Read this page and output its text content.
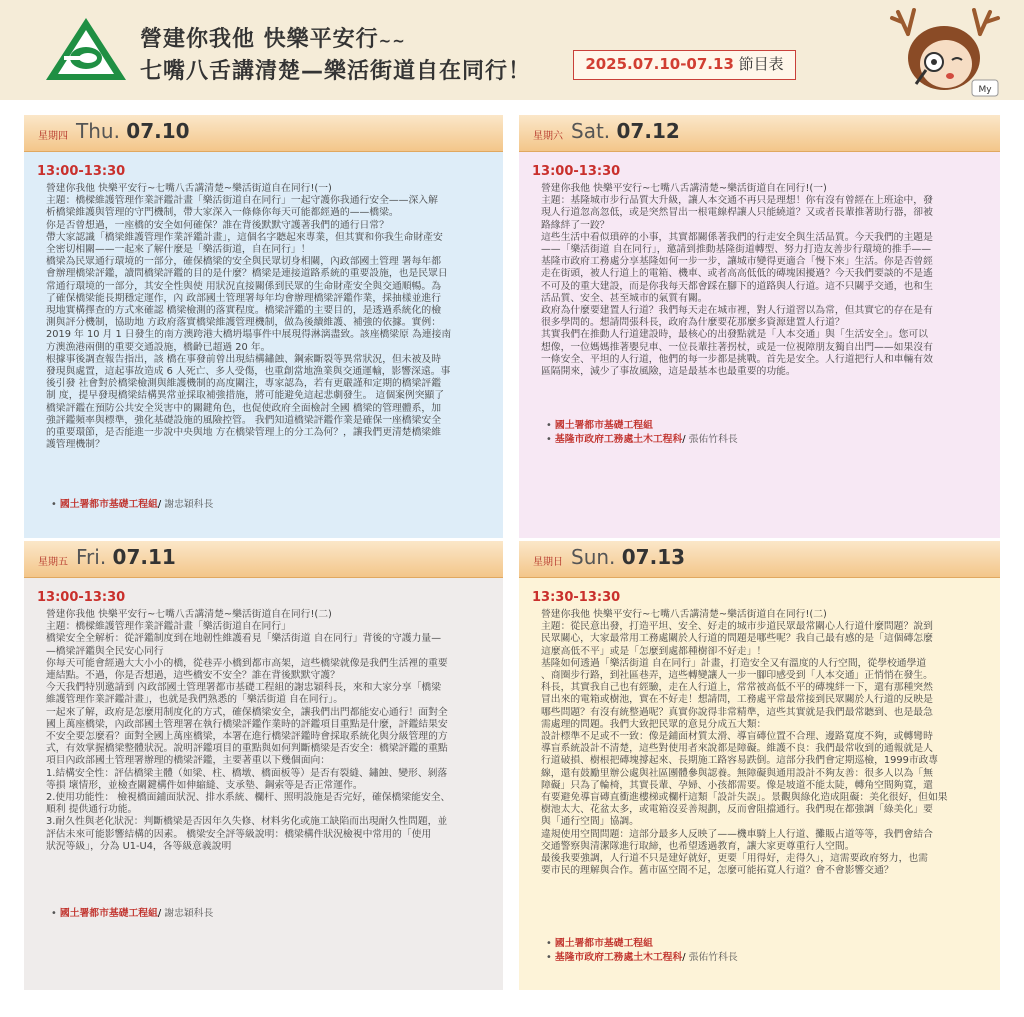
營建你我他 快樂平安行~~
七嘴八舌講清楚—樂活街道自在同行！	2025.07.10-07.13 節目表
My
星期四 Thu. 07.10
13:00-13:30
營建你我他 快樂平安行~七嘴八舌講清楚~樂活街道自在同行!(一)
主題：橋樑維護管理作業評鑑計畫「樂活街道自在同行」一起守護你我通行安全——深入解
析橋梁維護與管理的守門機制，帶大家深入一條條你每天可能都經過的——橋梁。
你是否曾想過，一座橋的安全如何確保？誰在背後默默守護著我們的通行日常？
帶大家認識「橋梁維護管理作業評鑑計畫」，這個名字聽起來專業，但其實和你我生命財產安
全密切相關——一起來了解什麼是「樂活街道，自在同行」！
橋梁為民眾通行環境的一部分，確保橋梁的安全與民眾切身相關，內政部國土管理 署每年都
會辦理橋梁評鑑，讀問橋梁評鑑的目的是什麼？橋梁是連接道路系統的重要設施，也是民眾日
常通行環境的一部分，其安全性與使 用狀況直接關係到民眾的生命財產安全與交通順暢。為
了確保橋梁能長期穩定運作，內 政部國土管理署每年均會辦理橋梁評鑑作業，採抽樣並進行
現地實構擇查的方式來確認 橋梁檢測的落實程度。橋梁評鑑的主要目的，是透過系統化的檢
測與評分機制，協助地 方政府落實橋梁維護管理機制，做為後續維護、補強的依據。實例：
2019 年 10 月 1 日發生的南方澳跨港大橋坍塌事件中展現得淋漓盡致。該座橋梁原 為連接南
方澳漁港兩側的重要交通設施，橋齡已超過 20 年。
根據事後調查報告指出，該 橋在事發前曾出現結構鏽蝕、鋼索斷裂等異常狀況，但未被及時
發現與處置，這起事故造成 6 人死亡、多人受傷，也重創當地漁業與交通運輸，影響深遠。事
後引發 社會對於橋梁檢測與維護機制的高度關注，專家認為，若有更嚴謹和定期的橋梁評鑑
制 度，提早發現橋梁結構異常並採取補強措施，將可能避免這起悲劇發生。 這個案例突顯了
橋梁評鑑在預防公共安全災害中的關鍵角色，也促使政府全面檢討全國 橋梁的管理體系，加
強評鑑頻率與標準，強化基礎設施的風險控管。 我們知道橋梁評鑑作業是確保一座橋梁安全
的重要環節，是否能進一步說中央與地 方在橋梁管理上的分工為何？，讓我們更清楚橋梁維
護管理機制？
• 國土署都市基礎工程組/ 謝忠穎科長
星期六 Sat. 07.12
13:00-13:30
營建你我他 快樂平安行~七嘴八舌講清楚~樂活街道自在同行!(一)
主題：基隆城市步行品質大升級，讓人本交通不再只是理想！你有沒有曾經在上班途中，發
現人行道忽高忽低，或是突然冒出一根電線桿讓人只能繞道？又或者長輩推著助行器，卻被
路緣絆了一跤？
這些生活中看似瑣碎的小事，其實都關係著我們的行走安全與生活品質。今天我們的主題是
——「樂活街道 自在同行」，邀請到推動基隆街道轉型、努力打造友善步行環境的推手——
基隆市政府工務處分享基隆如何一步一步，讓城市變得更適合「慢下來」生活。你是否曾經
走在街頭，被人行道上的電箱、機車、或者高高低低的磚塊困擾過？今天我們要談的不是遙
不可及的重大建設，而是你我每天都會踩在腳下的道路與人行道。這不只關乎交通，也和生
活品質、安全、甚至城市的氣質有關。
政府為什麼要建置人行道？我們每天走在城市裡，對人行道習以為常，但其實它的存在是有
很多學問的。想請問張科長，政府為什麼要花那麼多資源建置人行道？
其實我們在推動人行道建設時，最核心的出發點就是「人本交通」與「生活安全」。您可以
想像，一位媽媽推著嬰兒車、一位長輩拄著拐杖，或是一位視障朋友獨自出門——如果沒有
一條安全、平坦的人行道，他們的每一步都是挑戰。首先是安全。人行道把行人和車輛有效
區隔開來，減少了事故風險，這是最基本也最重要的功能。
• 國土署都市基礎工程組
• 基隆市政府工務處土木工程科/ 張佑竹科長
星期五 Fri. 07.11
13:00-13:30
營建你我他 快樂平安行~七嘴八舌講清楚~樂活街道自在同行!(二)
主題：橋樑維護管理作業評鑑計畫「樂活街道自在同行」
橋梁安全全解析：從評鑑制度到在地韌性維護看見「樂活街道 自在同行」背後的守護力量—
—橋梁評鑑與全民安心同行
你每天可能會經過大大小小的橋，從巷弄小橋到都市高架，這些橋梁就像是我們生活裡的重要
連結點。不過，你是否想過，這些橋安不安全？誰在背後默默守護？
今天我們特別邀請到 內政部國土管理署都市基礎工程組的謝忠穎科長，來和大家分享「橋梁
維護管理作業評鑑計畫」，也就是我們熟悉的「樂活街道 自在同行」。
一起來了解，政府是怎麼用制度化的方式，確保橋梁安全，讓我們出門都能安心通行！面對全
國上萬座橋梁，內政部國土管理署在執行橋梁評鑑作業時的評鑑項目重點是什麼，評鑑結果安
不安全要怎麼看？面對全國上萬座橋梁，本署在進行橋梁評鑑時會採取系統化與分級管理的方
式，有效掌握橋梁整體狀況。說明評鑑項目的重點與如何判斷橋梁是否安全：橋梁評鑑的重點
項目內政部國土管理署辦理的橋梁評鑑，主要著重以下幾個面向：
1.結構安全性：評估橋梁主體（如梁、柱、橋墩、橋面板等）是否有裂縫、鏽蝕、變形、剝落
等損 壞情形，並檢查關鍵構件如伸縮縫、支承墊、鋼索等是否正常運作。
2.使用功能性： 檢視橋面鋪面狀況、排水系統、欄杆、照明設施是否完好，確保橋梁能安全、
順利 提供通行功能。
3.耐久性與老化狀況：判斷橋梁是否因年久失修、材料劣化或施工缺陷而出現耐久性問題，並
評估未來可能影響結構的因素。 橋梁安全評等級說明：橋梁構件狀況檢視中常用的「使用
狀況等級」，分為 U1-U4，各等級意義說明
• 國土署都市基礎工程組/ 謝忠穎科長
星期日 Sun. 07.13
13:30-13:30
營建你我他 快樂平安行~七嘴八舌講清楚~樂活街道自在同行!(二)
主題：從民意出發，打造平坦、安全、好走的城市步道民眾最常關心人行道什麼問題？說到
民眾關心，大家最常用工務處關於人行道的問題是哪些呢？我自己最有感的是「這個磚怎麼
這麼高低不平」或是「怎麼到處都種樹卻不好走」！
基隆如何透過「樂活街道 自在同行」計畫，打造安全又有溫度的人行空間，從學校通學道
、商圈步行路，到社區巷弄，這些轉變讓人一步一腳印感受到「人本交通」正悄悄在發生。
科長，其實我自己也有經驗，走在人行道上，常常被高低不平的磚塊絆一下，還有那種突然
冒出來的電箱或樹池，實在不好走！想請問，工務處平常最常接到民眾關於人行道的反映是
哪些問題？有沒有統整過呢？真實你說得非常精準，這些其實就是我們最常聽到、也是最急
需處理的問題。我們大致把民眾的意見分成五大類：
設計標準不足或不一致：像是鋪面材質太滑、導盲磚位置不合理、邊路寬度不夠，或轉彎時
導盲系統設計不清楚，這些對使用者來說都是障礙。維護不良：我們最常收到的通報就是人
行道破損、樹根把磚塊撐起來、長期施工路容易跌倒。這部分我們會定期巡檢，1999市政專
線，還有鼓勵里辦公處與社區團體參與認養。無障礙與通用設計不夠友善：很多人以為「無
障礙」只為了輪椅，其實長輩、孕婦、小孩都需要。像是坡道不能太陡，轉角空間夠寬，還
有要避免導盲磚直衝進樓梯或欄杆這類「設計失誤」。景觀與綠化造成阻礙：美化很好，但如果
樹池太大、花盆太多，或電箱沒妥善規劃，反而會阻擋通行。我們現在都強調「綠美化」要
與「通行空間」協調。
違規使用空間問題：這部分最多人反映了——機車騎上人行道、攤販占道等等，我們會結合
交通警察與清潔隊進行取締，也希望透過教育，讓大家更尊重行人空間。
最後我要強調，人行道不只是建好就好，更要「用得好，走得久」，這需要政府努力，也需
要市民的理解與合作。舊市區空間不足，怎麼可能拓寬人行道？會不會影響交通？
• 國土署都市基礎工程組
• 基隆市政府工務處土木工程科/ 張佑竹科長
